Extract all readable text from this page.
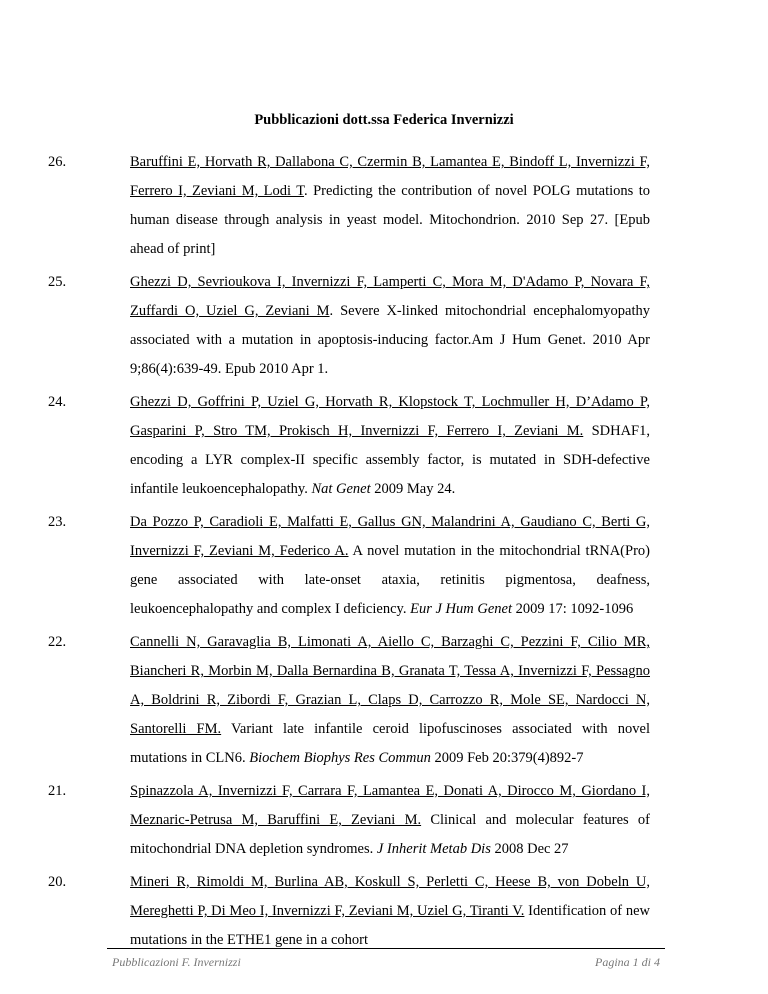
Pubblicazioni dott.ssa Federica Invernizzi
26.	Baruffini E, Horvath R, Dallabona C, Czermin B, Lamantea E, Bindoff L, Invernizzi F, Ferrero I, Zeviani M, Lodi T. Predicting the contribution of novel POLG mutations to human disease through analysis in yeast model. Mitochondrion. 2010 Sep 27. [Epub ahead of print]
25.	Ghezzi D, Sevrioukova I, Invernizzi F, Lamperti C, Mora M, D'Adamo P, Novara F, Zuffardi O, Uziel G, Zeviani M. Severe X-linked mitochondrial encephalomyopathy associated with a mutation in apoptosis-inducing factor.Am J Hum Genet. 2010 Apr 9;86(4):639-49. Epub 2010 Apr 1.
24.	Ghezzi D, Goffrini P, Uziel G, Horvath R, Klopstock T, Lochmuller H, D’Adamo P, Gasparini P, Stro TM, Prokisch H, Invernizzi F, Ferrero I, Zeviani M. SDHAF1, encoding a LYR complex-II specific assembly factor, is mutated in SDH-defective infantile leukoencephalopathy. Nat Genet 2009 May 24.
23.	Da Pozzo P, Caradioli E, Malfatti E, Gallus GN, Malandrini A, Gaudiano C, Berti G, Invernizzi F, Zeviani M, Federico A. A novel mutation in the mitochondrial tRNA(Pro) gene associated with late-onset ataxia, retinitis pigmentosa, deafness, leukoencephalopathy and complex I deficiency. Eur J Hum Genet 2009 17: 1092-1096
22.	Cannelli N, Garavaglia B, Limonati A, Aiello C, Barzaghi C, Pezzini F, Cilio MR, Biancheri R, Morbin M, Dalla Bernardina B, Granata T, Tessa A, Invernizzi F, Pessagno A, Boldrini R, Zibordi F, Grazian L, Claps D, Carrozzo R, Mole SE, Nardocci N, Santorelli FM. Variant late infantile ceroid lipofuscinoses associated with novel mutations in CLN6. Biochem Biophys Res Commun 2009 Feb 20:379(4)892-7
21.	Spinazzola A, Invernizzi F, Carrara F, Lamantea E, Donati A, Dirocco M, Giordano I, Meznaric-Petrusa M, Baruffini E, Zeviani M. Clinical and molecular features of mitochondrial DNA depletion syndromes. J Inherit Metab Dis 2008 Dec 27
20.	Mineri R, Rimoldi M, Burlina AB, Koskull S, Perletti C, Heese B, von Dobeln U, Mereghetti P, Di Meo I, Invernizzi F, Zeviani M, Uziel G, Tiranti V. Identification of new mutations in the ETHE1 gene in a cohort
Pubblicazioni F. Invernizzi	Pagina 1 di 4
